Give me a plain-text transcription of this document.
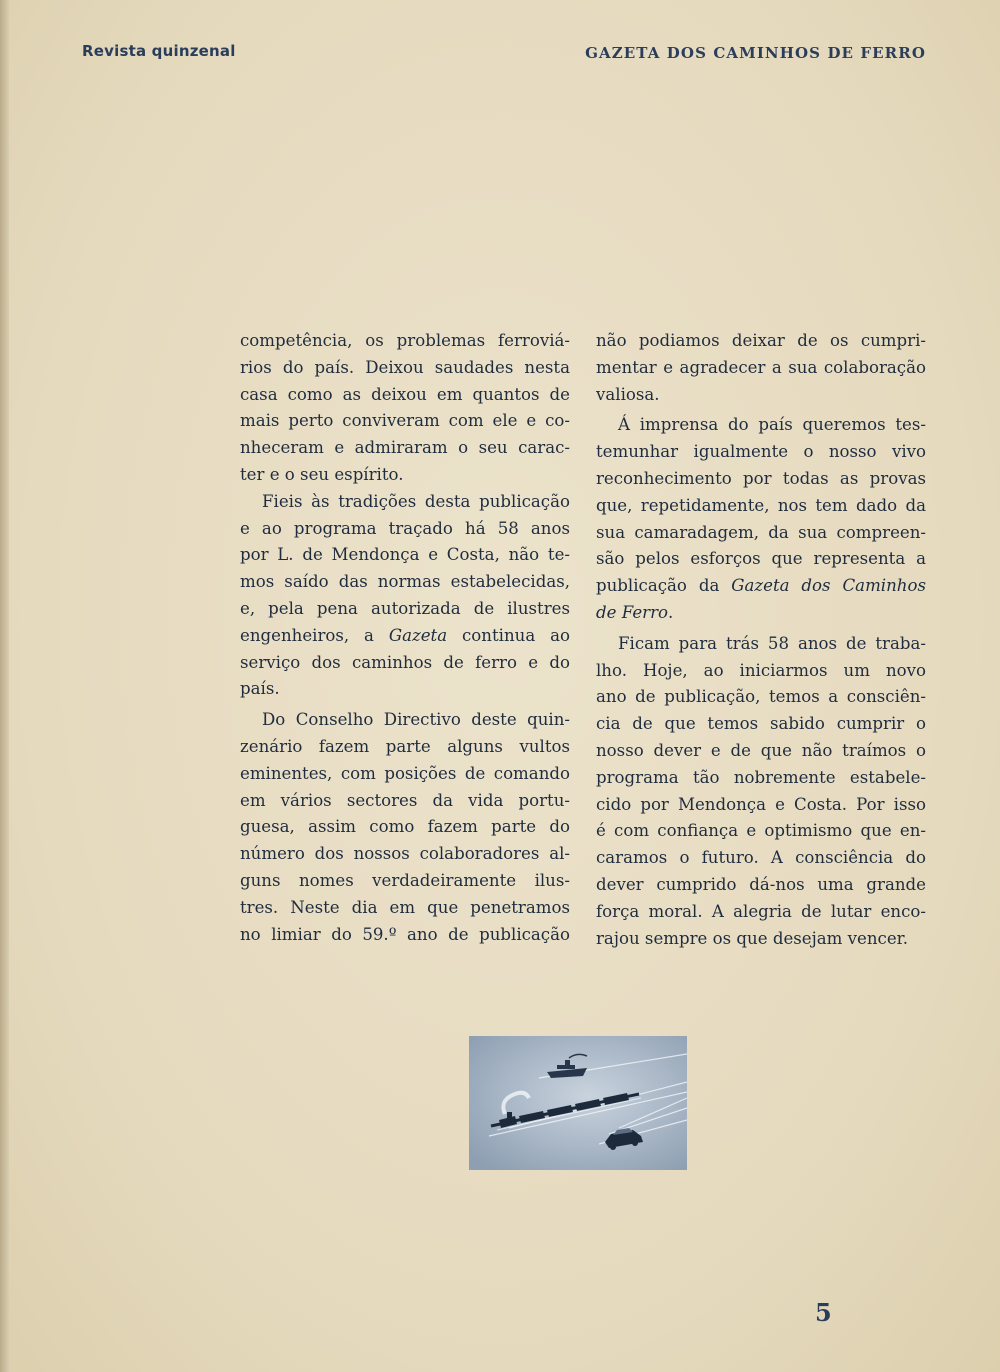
Revista quinzenal	GAZETA DOS CAMINHOS DE FERRO
competência, os problemas ferroviá-
rios do país. Deixou saudades nesta
casa como as deixou em quantos de
mais perto conviveram com ele e co-
nheceram e admiraram o seu carac-
ter e o seu espírito.
Fieis às tradições desta publicação
e ao programa traçado há 58 anos
por L. de Mendonça e Costa, não te-
mos saído das normas estabelecidas,
e, pela pena autorizada de ilustres
engenheiros, a Gazeta continua ao
serviço dos caminhos de ferro e do
país.
Do Conselho Directivo deste quin-
zenário fazem parte alguns vultos
eminentes, com posições de comando
em vários sectores da vida portu-
guesa, assim como fazem parte do
número dos nossos colaboradores al-
guns nomes verdadeiramente ilus-
tres. Neste dia em que penetramos
no limiar do 59.º ano de publicação
não podiamos deixar de os cumpri-
mentar e agradecer a sua colaboração
valiosa.
Á imprensa do país queremos tes-
temunhar igualmente o nosso vivo
reconhecimento por todas as provas
que, repetidamente, nos tem dado da
sua camaradagem, da sua compreen-
são pelos esforços que representa a
publicação da Gazeta dos Caminhos
de Ferro.
Ficam para trás 58 anos de traba-
lho. Hoje, ao iniciarmos um novo
ano de publicação, temos a consciên-
cia de que temos sabido cumprir o
nosso dever e de que não traímos o
programa tão nobremente estabele-
cido por Mendonça e Costa. Por isso
é com confiança e optimismo que en-
caramos o futuro. A consciência do
dever cumprido dá-nos uma grande
força moral. A alegria de lutar enco-
rajou sempre os que desejam vencer.
5
